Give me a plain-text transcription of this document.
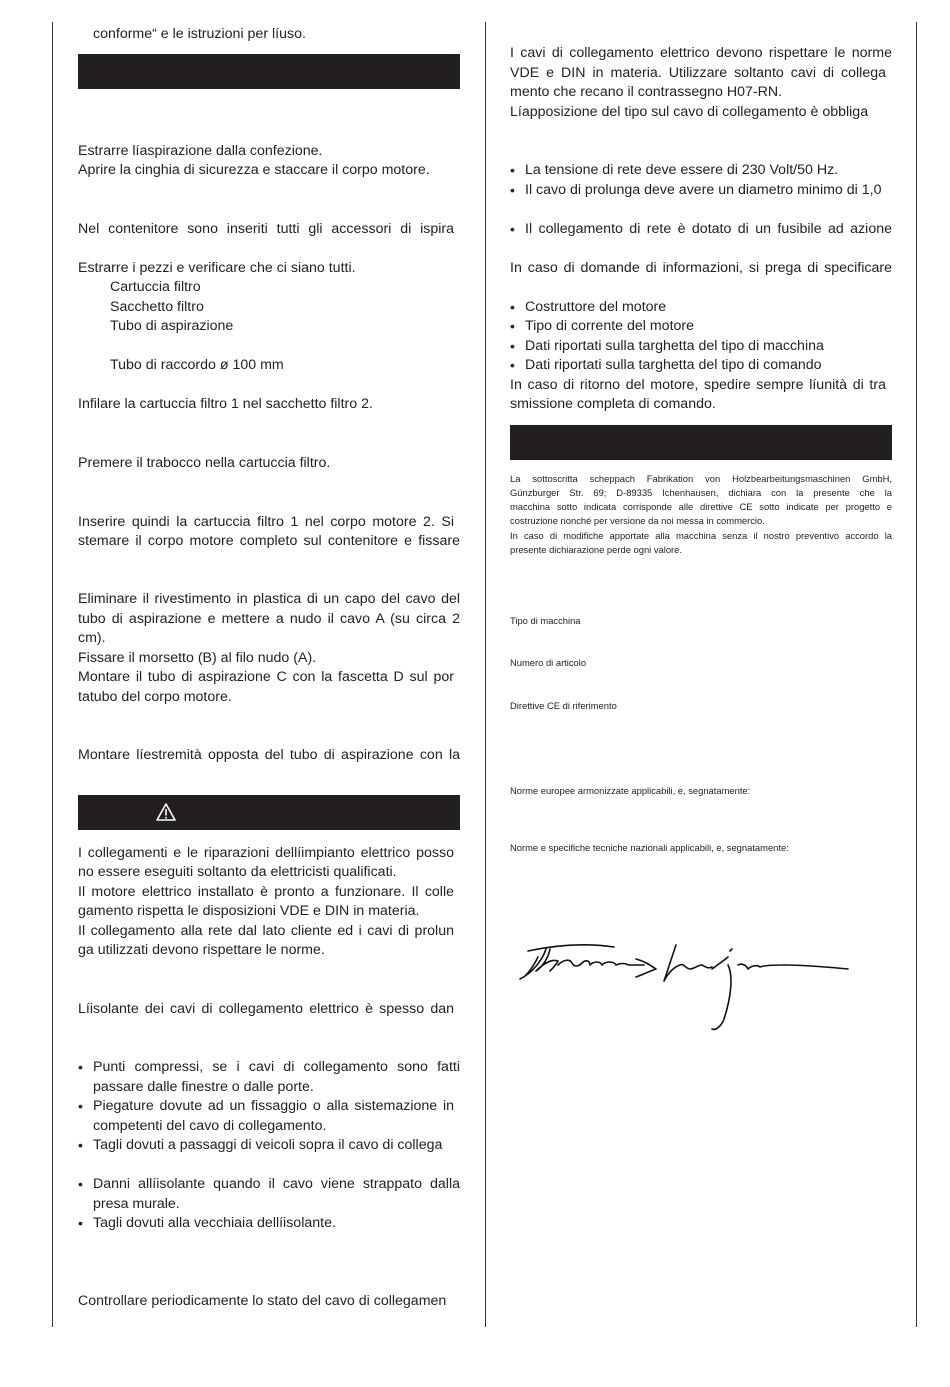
conforme“ e le istruzioni per líuso.
Estrarre líaspirazione dalla confezione.
Aprire la cinghia di sicurezza e staccare il corpo motore.
Nel contenitore sono inseriti tutti gli accessori di ispira
Estrarre i pezzi e verificare che ci siano tutti.
Cartuccia filtro
Sacchetto filtro
Tubo di aspirazione
Tubo di raccordo ø 100 mm
Infilare la cartuccia filtro 1 nel sacchetto filtro 2.
Premere il trabocco nella cartuccia filtro.
Inserire quindi la cartuccia filtro 1 nel corpo motore 2. Si
stemare il corpo motore completo sul contenitore e fissare
Eliminare il rivestimento in plastica di un capo del cavo del
tubo di aspirazione e mettere a nudo il cavo A (su circa 2
cm).
Fissare il morsetto (B) al filo nudo (A).
Montare il tubo di aspirazione C con la fascetta D sul por
tatubo del corpo motore.
Montare líestremità opposta del tubo di aspirazione con la
I collegamenti e le riparazioni dellíimpianto elettrico posso
no essere eseguiti soltanto da elettricisti qualificati.
Il motore elettrico installato è pronto a funzionare. Il colle
gamento rispetta le disposizioni VDE e DIN in materia.
Il collegamento alla rete dal lato cliente ed i cavi di prolun
ga utilizzati devono rispettare le norme.
Líisolante dei cavi di collegamento elettrico è spesso dan
• Punti compressi, se i cavi di collegamento sono fatti
passare dalle finestre o dalle porte.
• Piegature dovute ad un fissaggio o alla sistemazione in
competenti del cavo di collegamento.
• Tagli dovuti a passaggi di veicoli sopra il cavo di collega
• Danni allíisolante quando il cavo viene strappato dalla
presa murale.
• Tagli dovuti alla vecchiaia dellíisolante.
Controllare periodicamente lo stato del cavo di collegamen
I cavi di collegamento elettrico devono rispettare le norme
VDE e DIN in materia. Utilizzare soltanto cavi di collega
mento che recano il contrassegno H07-RN.
Líapposizione del tipo sul cavo di collegamento è obbliga
• La tensione di rete deve essere di 230 Volt/50 Hz.
• Il cavo di prolunga deve avere un diametro minimo di 1,0
• Il collegamento di rete è dotato di un fusibile ad azione
In caso di domande di informazioni, si prega di specificare
• Costruttore del motore
• Tipo di corrente del motore
• Dati riportati sulla targhetta del tipo di macchina
• Dati riportati sulla targhetta del tipo di comando
In caso di ritorno del motore, spedire sempre líunità di tra
smissione completa di comando.
La sottoscritta scheppach Fabrikation von Holzbearbeitungsmaschinen GmbH,
Günzburger Str. 69; D-89335 Ichenhausen, dichiara con la presente che la
macchina sotto indicata corrisponde alle direttive CE sotto indicate per progetto e
costruzione nonché per versione da noi messa in commercio.
In caso di modifiche apportate alla macchina senza il nostro preventivo accordo la
presente dichiarazione perde ogni valore.
Tipo di macchina
Numero di articolo
Direttive CE di riferimento
Norme europee armonizzate applicabili, e, segnatamente:
Norme e specifiche tecniche nazionali applicabili, e, segnatamente:
